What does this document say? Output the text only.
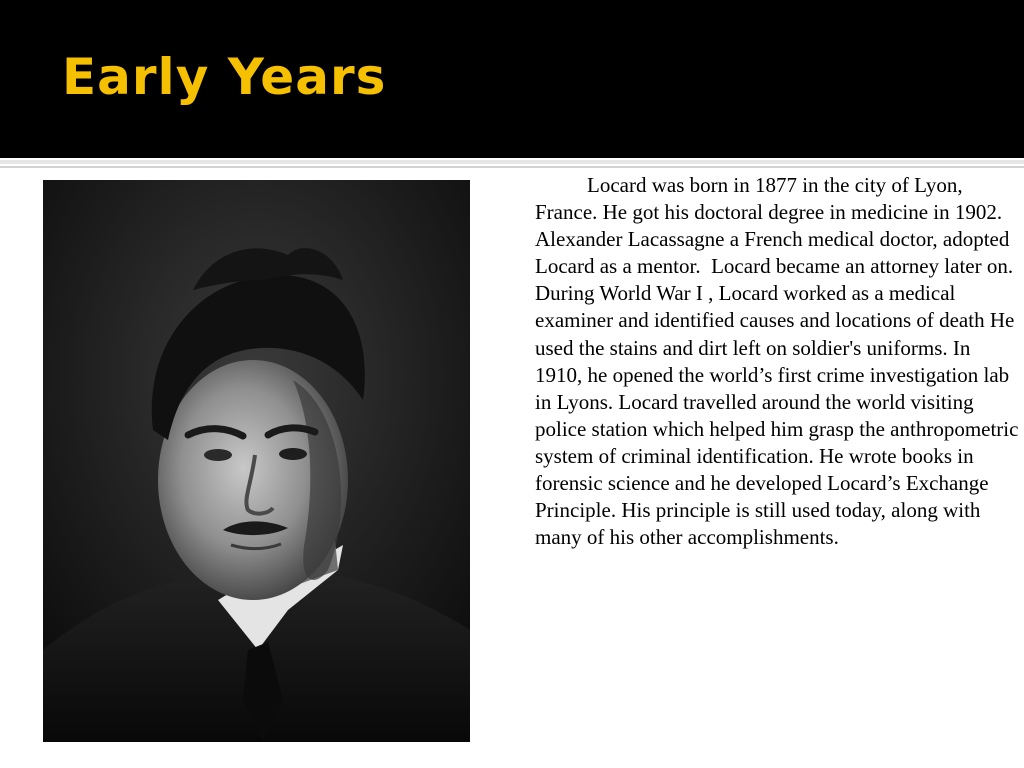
Early Years

Locard was born in 1877 in the city of Lyon, France. He got his doctoral degree in medicine in 1902. Alexander Lacassagne a French medical doctor, adopted Locard as a mentor.  Locard became an attorney later on. During World War I , Locard worked as a medical examiner and identified causes and locations of death He used the stains and dirt left on soldier's uniforms. In 1910, he opened the world’s first crime investigation lab in Lyons. Locard travelled around the world visiting police station which helped him grasp the anthropometric system of criminal identification. He wrote books in forensic science and he developed Locard’s Exchange Principle. His principle is still used today, along with many of his other accomplishments.
